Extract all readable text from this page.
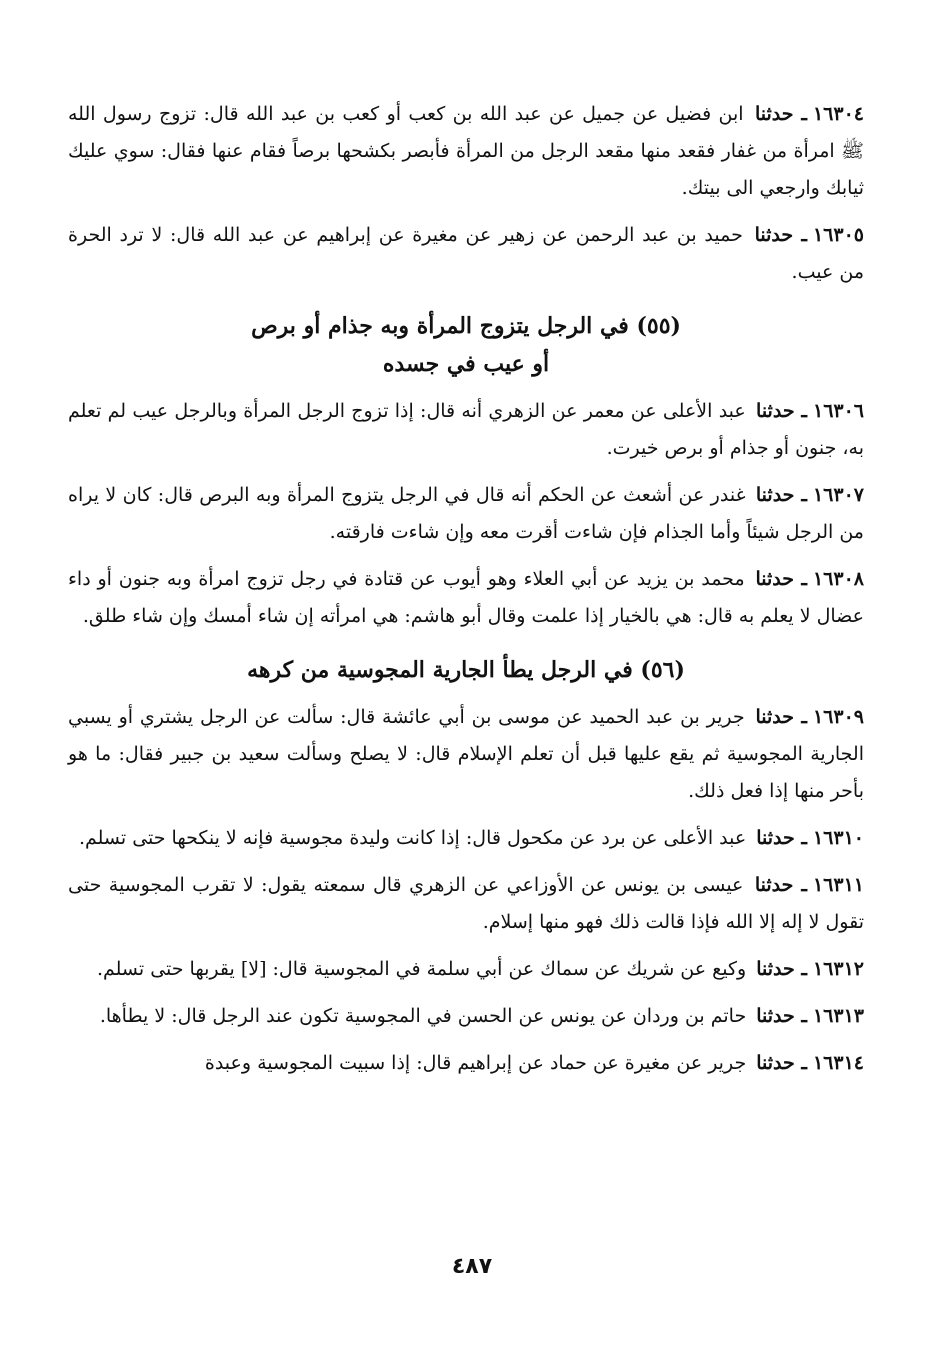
١٦٣٠٤ـ حدثنا ابن فضيل عن جميل عن عبد الله بن كعب أو كعب بن عبد الله قال: تزوج رسول الله ﷺ امرأة من غفار فقعد منها مقعد الرجل من المرأة فأبصر بكشحها برصاً فقام عنها فقال: سوي عليك ثيابك وارجعي الى بيتك.

١٦٣٠٥ـ حدثنا حميد بن عبد الرحمن عن زهير عن مغيرة عن إبراهيم عن عبد الله قال: لا ترد الحرة من عيب.

(٥٥) في الرجل يتزوج المرأة وبه جذام أو برص
أو عيب في جسده

١٦٣٠٦ـ حدثنا عبد الأعلى عن معمر عن الزهري أنه قال: إذا تزوج الرجل المرأة وبالرجل عيب لم تعلم به، جنون أو جذام أو برص خيرت.

١٦٣٠٧ـ حدثنا غندر عن أشعث عن الحكم أنه قال في الرجل يتزوج المرأة وبه البرص قال: كان لا يراه من الرجل شيئاً وأما الجذام فإن شاءت أقرت معه وإن شاءت فارقته.

١٦٣٠٨ـ حدثنا محمد بن يزيد عن أبي العلاء وهو أيوب عن قتادة في رجل تزوج امرأة وبه جنون أو داء عضال لا يعلم به قال: هي بالخيار إذا علمت وقال أبو هاشم: هي امرأته إن شاء أمسك وإن شاء طلق.

(٥٦) في الرجل يطأ الجارية المجوسية من كرهه

١٦٣٠٩ـ حدثنا جرير بن عبد الحميد عن موسى بن أبي عائشة قال: سألت عن الرجل يشتري أو يسبي الجارية المجوسية ثم يقع عليها قبل أن تعلم الإسلام قال: لا يصلح وسألت سعيد بن جبير فقال: ما هو بأحر منها إذا فعل ذلك.

١٦٣١٠ـ حدثنا عبد الأعلى عن برد عن مكحول قال: إذا كانت وليدة مجوسية فإنه لا ينكحها حتى تسلم.

١٦٣١١ـ حدثنا عيسى بن يونس عن الأوزاعي عن الزهري قال سمعته يقول: لا تقرب المجوسية حتى تقول لا إله إلا الله فإذا قالت ذلك فهو منها إسلام.

١٦٣١٢ـ حدثنا وكيع عن شريك عن سماك عن أبي سلمة في المجوسية قال: [لا] يقربها حتى تسلم.

١٦٣١٣ـ حدثنا حاتم بن وردان عن يونس عن الحسن في المجوسية تكون عند الرجل قال: لا يطأها.

١٦٣١٤ـ حدثنا جرير عن مغيرة عن حماد عن إبراهيم قال: إذا سبيت المجوسية وعبدة

٤٨٧
